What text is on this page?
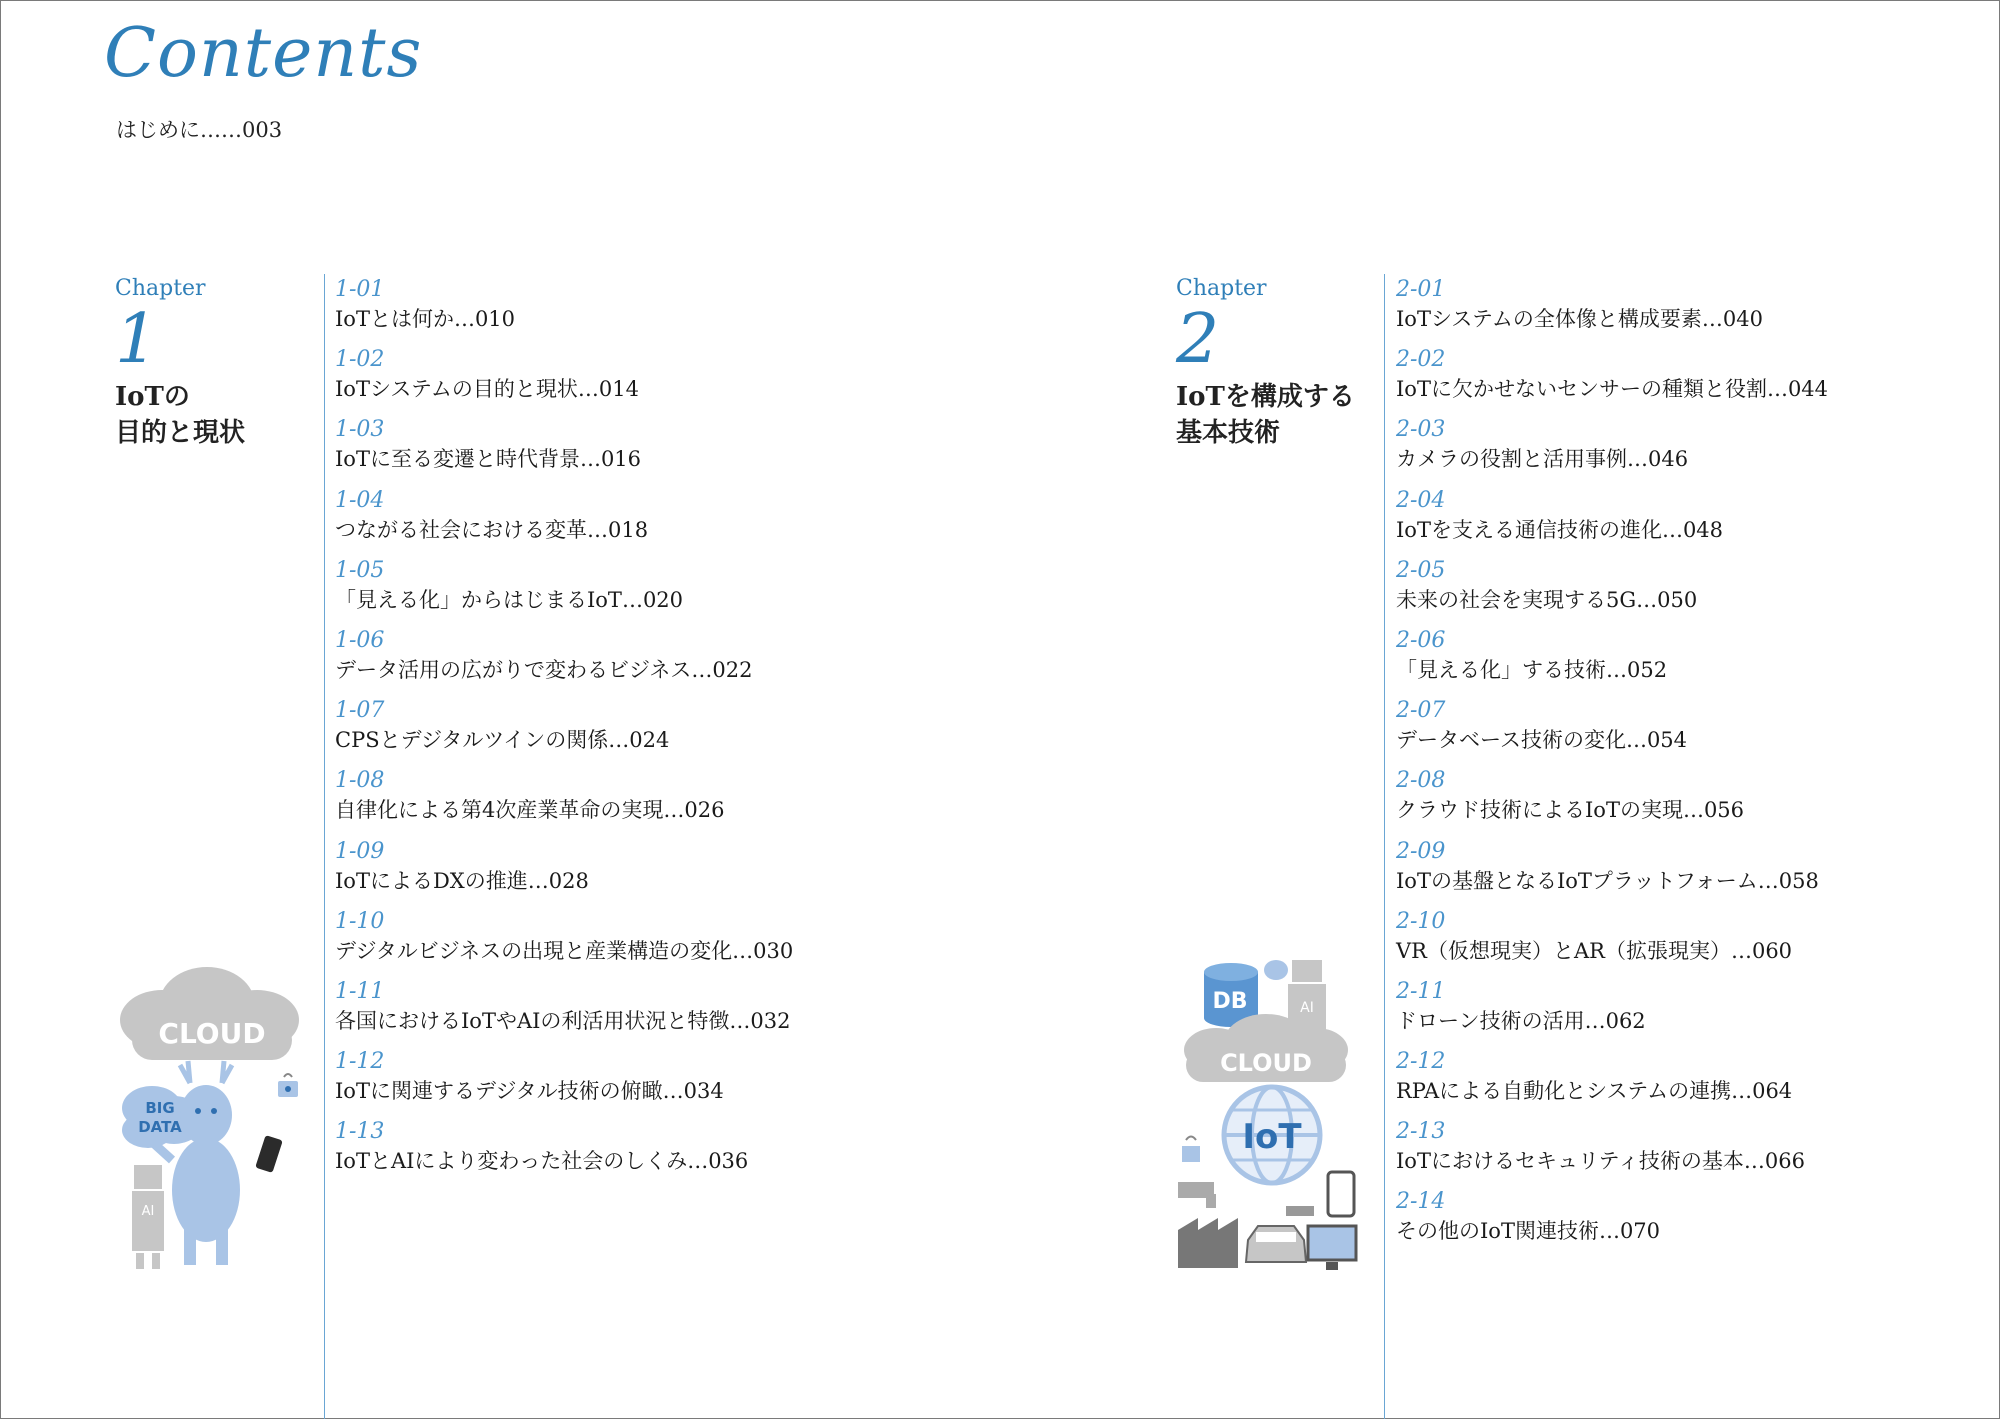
Contents
はじめに……003
Chapter
1
IoTの
目的と現状
1-01
IoTとは何か…010
1-02
IoTシステムの目的と現状…014
1-03
IoTに至る変遷と時代背景…016
1-04
つながる社会における変革…018
1-05
「見える化」からはじまるIoT…020
1-06
データ活用の広がりで変わるビジネス…022
1-07
CPSとデジタルツインの関係…024
1-08
自律化による第4次産業革命の実現…026
1-09
IoTによるDXの推進…028
1-10
デジタルビジネスの出現と産業構造の変化…030
1-11
各国におけるIoTやAIの利活用状況と特徴…032
1-12
IoTに関連するデジタル技術の俯瞰…034
1-13
IoTとAIにより変わった社会のしくみ…036
Chapter
2
IoTを構成する
基本技術
2-01
IoTシステムの全体像と構成要素…040
2-02
IoTに欠かせないセンサーの種類と役割…044
2-03
カメラの役割と活用事例…046
2-04
IoTを支える通信技術の進化…048
2-05
未来の社会を実現する5G…050
2-06
「見える化」する技術…052
2-07
データベース技術の変化…054
2-08
クラウド技術によるIoTの実現…056
2-09
IoTの基盤となるIoTプラットフォーム…058
2-10
VR（仮想現実）とAR（拡張現実）…060
2-11
ドローン技術の活用…062
2-12
RPAによる自動化とシステムの連携…064
2-13
IoTにおけるセキュリティ技術の基本…066
2-14
その他のIoT関連技術…070
CLOUD
BIG
DATA
AI
DB
CLOUD
AI
IoT
